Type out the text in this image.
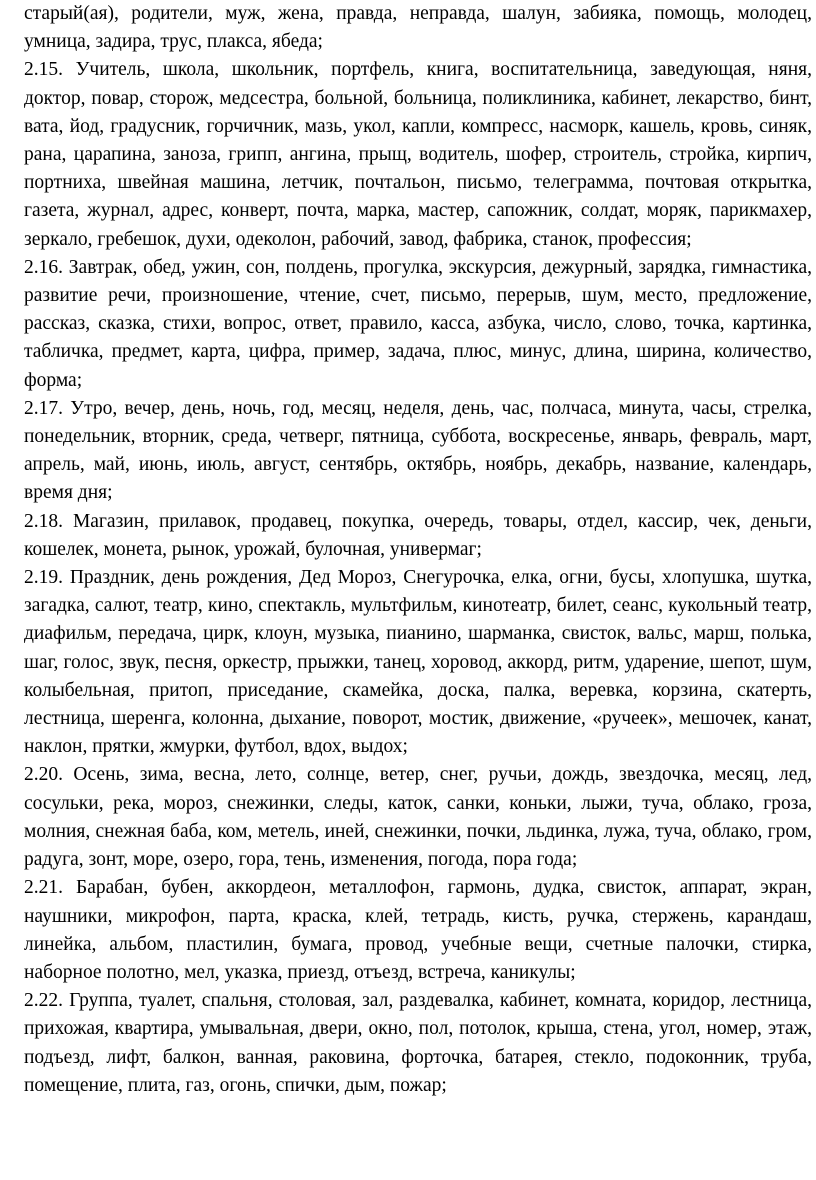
старый(ая), родители, муж, жена, правда, неправда, шалун, забияка, помощь, молодец, умница, задира, трус, плакса, ябеда;

2.15. Учитель, школа, школьник, портфель, книга, воспитательница, заведующая, няня, доктор, повар, сторож, медсестра, больной, больница, поликлиника, кабинет, лекарство, бинт, вата, йод, градусник, горчичник, мазь, укол, капли, компресс, насморк, кашель, кровь, синяк, рана, царапина, заноза, грипп, ангина, прыщ, водитель, шофер, строитель, стройка, кирпич, портниха, швейная машина, летчик, почтальон, письмо, телеграмма, почтовая открытка, газета, журнал, адрес, конверт, почта, марка, мастер, сапожник, солдат, моряк, парикмахер, зеркало, гребешок, духи, одеколон, рабочий, завод, фабрика, станок, профессия;

2.16. Завтрак, обед, ужин, сон, полдень, прогулка, экскурсия, дежурный, зарядка, гимнастика, развитие речи, произношение, чтение, счет, письмо, перерыв, шум, место, предложение, рассказ, сказка, стихи, вопрос, ответ, правило, касса, азбука, число, слово, точка, картинка, табличка, предмет, карта, цифра, пример, задача, плюс, минус, длина, ширина, количество, форма;

2.17. Утро, вечер, день, ночь, год, месяц, неделя, день, час, полчаса, минута, часы, стрелка, понедельник, вторник, среда, четверг, пятница, суббота, воскресенье, январь, февраль, март, апрель, май, июнь, июль, август, сентябрь, октябрь, ноябрь, декабрь, название, календарь, время дня;

2.18. Магазин, прилавок, продавец, покупка, очередь, товары, отдел, кассир, чек, деньги, кошелек, монета, рынок, урожай, булочная, универмаг;

2.19. Праздник, день рождения, Дед Мороз, Снегурочка, елка, огни, бусы, хлопушка, шутка, загадка, салют, театр, кино, спектакль, мультфильм, кинотеатр, билет, сеанс, кукольный театр, диафильм, передача, цирк, клоун, музыка, пианино, шарманка, свисток, вальс, марш, полька, шаг, голос, звук, песня, оркестр, прыжки, танец, хоровод, аккорд, ритм, ударение, шепот, шум, колыбельная, притоп, приседание, скамейка, доска, палка, веревка, корзина, скатерть, лестница, шеренга, колонна, дыхание, поворот, мостик, движение, «ручеек», мешочек, канат, наклон, прятки, жмурки, футбол, вдох, выдох;

2.20. Осень, зима, весна, лето, солнце, ветер, снег, ручьи, дождь, звездочка, месяц, лед, сосульки, река, мороз, снежинки, следы, каток, санки, коньки, лыжи, туча, облако, гроза, молния, снежная баба, ком, метель, иней, снежинки, почки, льдинка, лужа, туча, облако, гром, радуга, зонт, море, озеро, гора, тень, изменения, погода, пора года;

2.21. Барабан, бубен, аккордеон, металлофон, гармонь, дудка, свисток, аппарат, экран, наушники, микрофон, парта, краска, клей, тетрадь, кисть, ручка, стержень, карандаш, линейка, альбом, пластилин, бумага, провод, учебные вещи, счетные палочки, стирка, наборное полотно, мел, указка, приезд, отъезд, встреча, каникулы;

2.22. Группа, туалет, спальня, столовая, зал, раздевалка, кабинет, комната, коридор, лестница, прихожая, квартира, умывальная, двери, окно, пол, потолок, крыша, стена, угол, номер, этаж, подъезд, лифт, балкон, ванная, раковина, форточка, батарея, стекло, подоконник, труба, помещение, плита, газ, огонь, спички, дым, пожар;
